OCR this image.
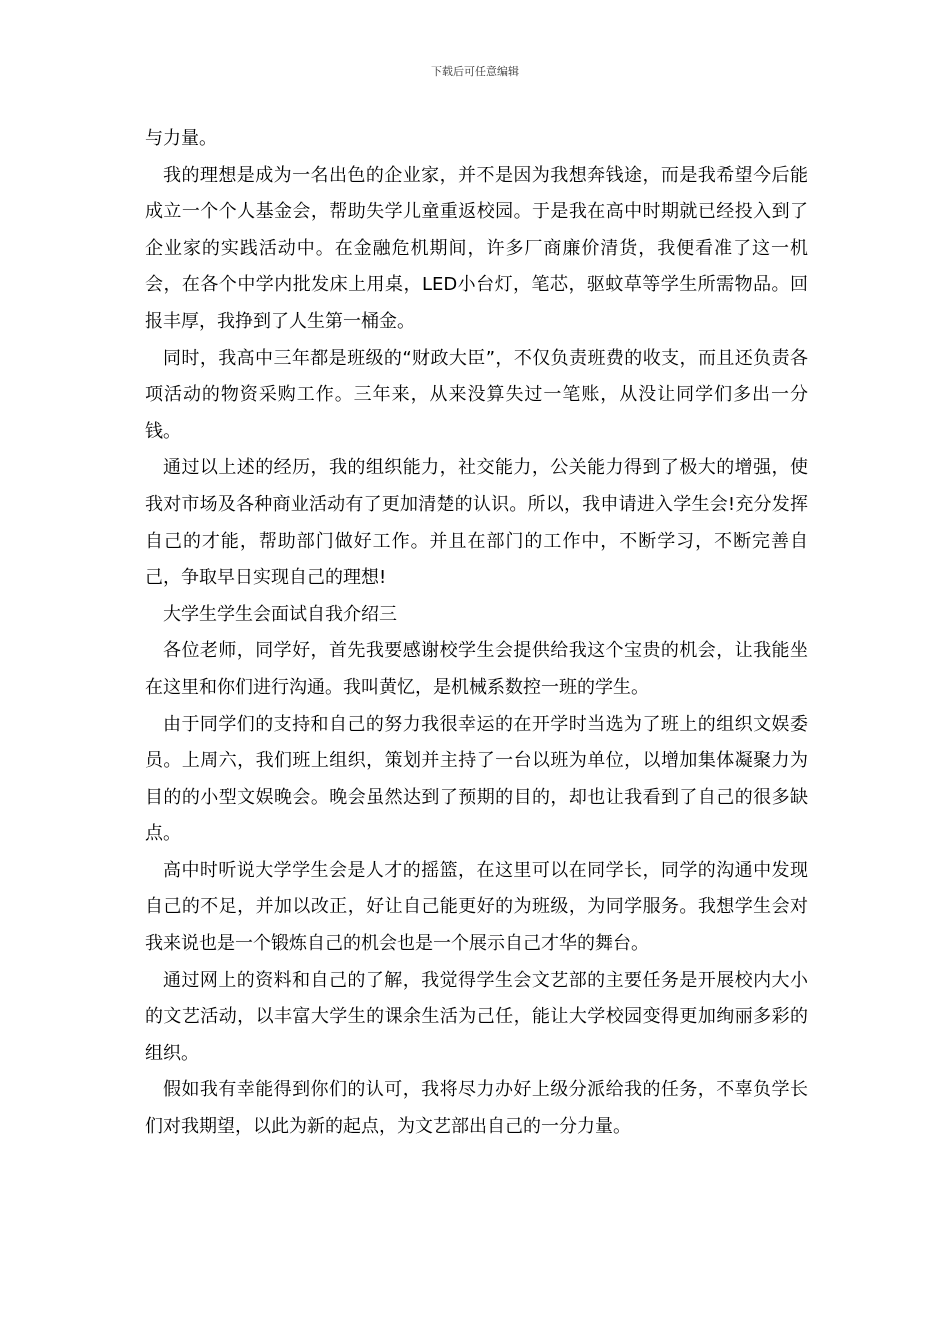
下载后可任意编辑

与力量。

我的理想是成为一名出色的企业家，并不是因为我想奔钱途，而是我希望今后能成立一个个人基金会，帮助失学儿童重返校园。于是我在高中时期就已经投入到了企业家的实践活动中。在金融危机期间，许多厂商廉价清货，我便看准了这一机会，在各个中学内批发床上用桌，LED小台灯，笔芯，驱蚊草等学生所需物品。回报丰厚，我挣到了人生第一桶金。

同时，我高中三年都是班级的“财政大臣”，不仅负责班费的收支，而且还负责各项活动的物资采购工作。三年来，从来没算失过一笔账，从没让同学们多出一分钱。

通过以上述的经历，我的组织能力，社交能力，公关能力得到了极大的增强，使我对市场及各种商业活动有了更加清楚的认识。所以，我申请进入学生会!充分发挥自己的才能，帮助部门做好工作。并且在部门的工作中，不断学习，不断完善自己，争取早日实现自己的理想!

大学生学生会面试自我介绍三

各位老师，同学好，首先我要感谢校学生会提供给我这个宝贵的机会，让我能坐在这里和你们进行沟通。我叫黄忆，是机械系数控一班的学生。

由于同学们的支持和自己的努力我很幸运的在开学时当选为了班上的组织文娱委员。上周六，我们班上组织，策划并主持了一台以班为单位，以增加集体凝聚力为目的的小型文娱晚会。晚会虽然达到了预期的目的，却也让我看到了自己的很多缺点。

高中时听说大学学生会是人才的摇篮，在这里可以在同学长，同学的沟通中发现自己的不足，并加以改正，好让自己能更好的为班级，为同学服务。我想学生会对我来说也是一个锻炼自己的机会也是一个展示自己才华的舞台。

通过网上的资料和自己的了解，我觉得学生会文艺部的主要任务是开展校内大小的文艺活动，以丰富大学生的课余生活为己任，能让大学校园变得更加绚丽多彩的组织。

假如我有幸能得到你们的认可，我将尽力办好上级分派给我的任务，不辜负学长们对我期望，以此为新的起点，为文艺部出自己的一分力量。
